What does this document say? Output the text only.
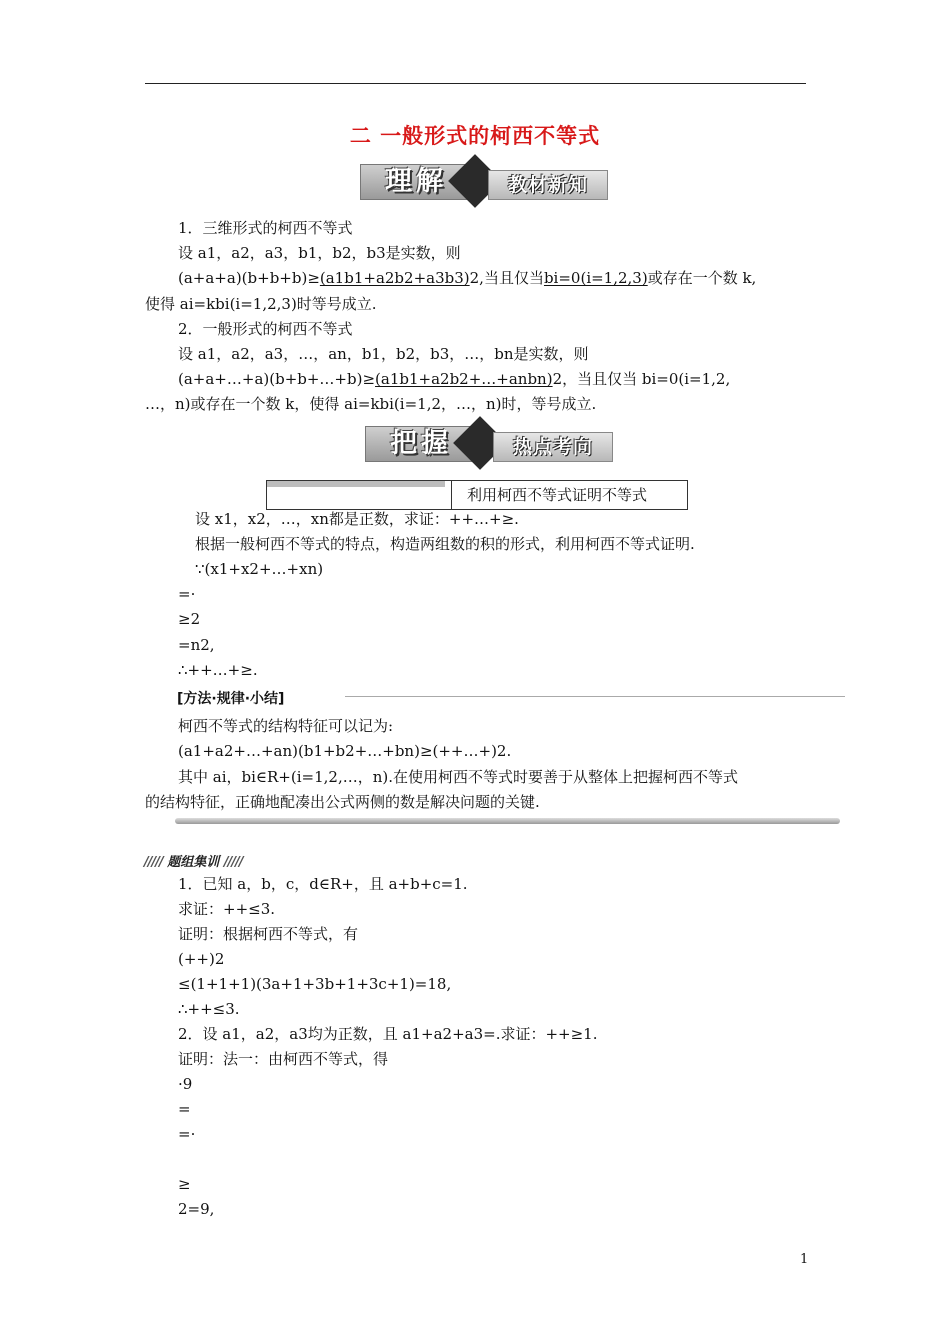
二 一般形式的柯西不等式
理解	教材新知
1．三维形式的柯西不等式
设 a1，a2，a3，b1，b2，b3是实数，则
(a+a+a)(b+b+b)≥(a1b1+a2b2+a3b3)2,当且仅当bi=0(i=1,2,3)或存在一个数 k,
使得 ai=kbi(i=1,2,3)时等号成立.
2．一般形式的柯西不等式
设 a1，a2，a3，…，an，b1，b2，b3，…，bn是实数，则
(a+a+…+a)(b+b+…+b)≥(a1b1+a2b2+…+anbn)2，当且仅当 bi=0(i=1,2,
…，n)或存在一个数 k，使得 ai=kbi(i=1,2，…，n)时，等号成立.
把握	热点考向
利用柯西不等式证明不等式
设 x1，x2，…，xn都是正数，求证：++…+≥.
根据一般柯西不等式的特点，构造两组数的积的形式，利用柯西不等式证明.
∵(x1+x2+…+xn)
=·
≥2
=n2,
∴++…+≥.
[方法·规律·小结]
柯西不等式的结构特征可以记为:
(a1+a2+…+an)(b1+b2+…+bn)≥(++…+)2.
其中 ai，bi∈R+(i=1,2,…，n).在使用柯西不等式时要善于从整体上把握柯西不等式
的结构特征，正确地配凑出公式两侧的数是解决问题的关键.
///// 题组集训 /////
1．已知 a，b，c，d∈R+，且 a+b+c=1.
求证：++≤3.
证明：根据柯西不等式，有
(++)2
≤(1+1+1)(3a+1+3b+1+3c+1)=18,
∴++≤3.
2．设 a1，a2，a3均为正数，且 a1+a2+a3=.求证：++≥1.
证明：法一：由柯西不等式，得
·9
=
=·
≥
2=9,
1
